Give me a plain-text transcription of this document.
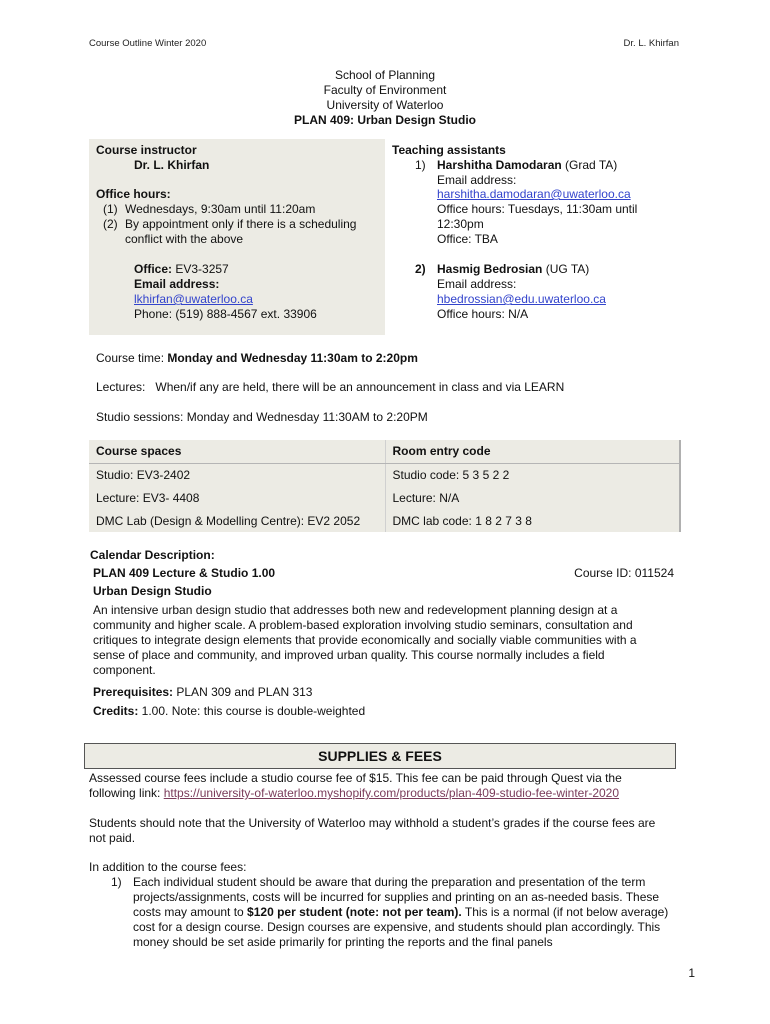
Course Outline Winter 2020	Dr. L. Khirfan
School of Planning
Faculty of Environment
University of Waterloo
PLAN 409: Urban Design Studio
Course instructor
Dr. L. Khirfan
Office hours:
(1) Wednesdays, 9:30am until 11:20am
(2) By appointment only if there is a scheduling
conflict with the above
Office: EV3-3257
Email address:
lkhirfan@uwaterloo.ca
Phone: (519) 888-4567 ext. 33906
Teaching assistants
1) Harshitha Damodaran (Grad TA)
Email address:
harshitha.damodaran@uwaterloo.ca
Office hours: Tuesdays, 11:30am until
12:30pm
Office: TBA
2) Hasmig Bedrosian (UG TA)
Email address:
hbedrossian@edu.uwaterloo.ca
Office hours: N/A
Course time: Monday and Wednesday 11:30am to 2:20pm
Lectures:   When/if any are held, there will be an announcement in class and via LEARN
Studio sessions: Monday and Wednesday 11:30AM to 2:20PM
Course spaces	Room entry code
Studio: EV3-2402	Studio code: 5 3 5 2 2
Lecture: EV3- 4408	Lecture: N/A
DMC Lab (Design & Modelling Centre): EV2 2052	DMC lab code: 1 8 2 7 3 8
Calendar Description:
PLAN 409 Lecture & Studio 1.00	Course ID: 011524
Urban Design Studio
An intensive urban design studio that addresses both new and redevelopment planning design at a
community and higher scale. A problem-based exploration involving studio seminars, consultation and
critiques to integrate design elements that provide economically and socially viable communities with a
sense of place and community, and improved urban quality. This course normally includes a field
component.
Prerequisites: PLAN 309 and PLAN 313
Credits: 1.00. Note: this course is double-weighted
SUPPLIES & FEES
Assessed course fees include a studio course fee of $15. This fee can be paid through Quest via the
following link: https://university-of-waterloo.myshopify.com/products/plan-409-studio-fee-winter-2020
Students should note that the University of Waterloo may withhold a student’s grades if the course fees are
not paid.
In addition to the course fees:
1) Each individual student should be aware that during the preparation and presentation of the term
projects/assignments, costs will be incurred for supplies and printing on an as-needed basis. These
costs may amount to $120 per student (note: not per team). This is a normal (if not below average)
cost for a design course. Design courses are expensive, and students should plan accordingly. This
money should be set aside primarily for printing the reports and the final panels
1
